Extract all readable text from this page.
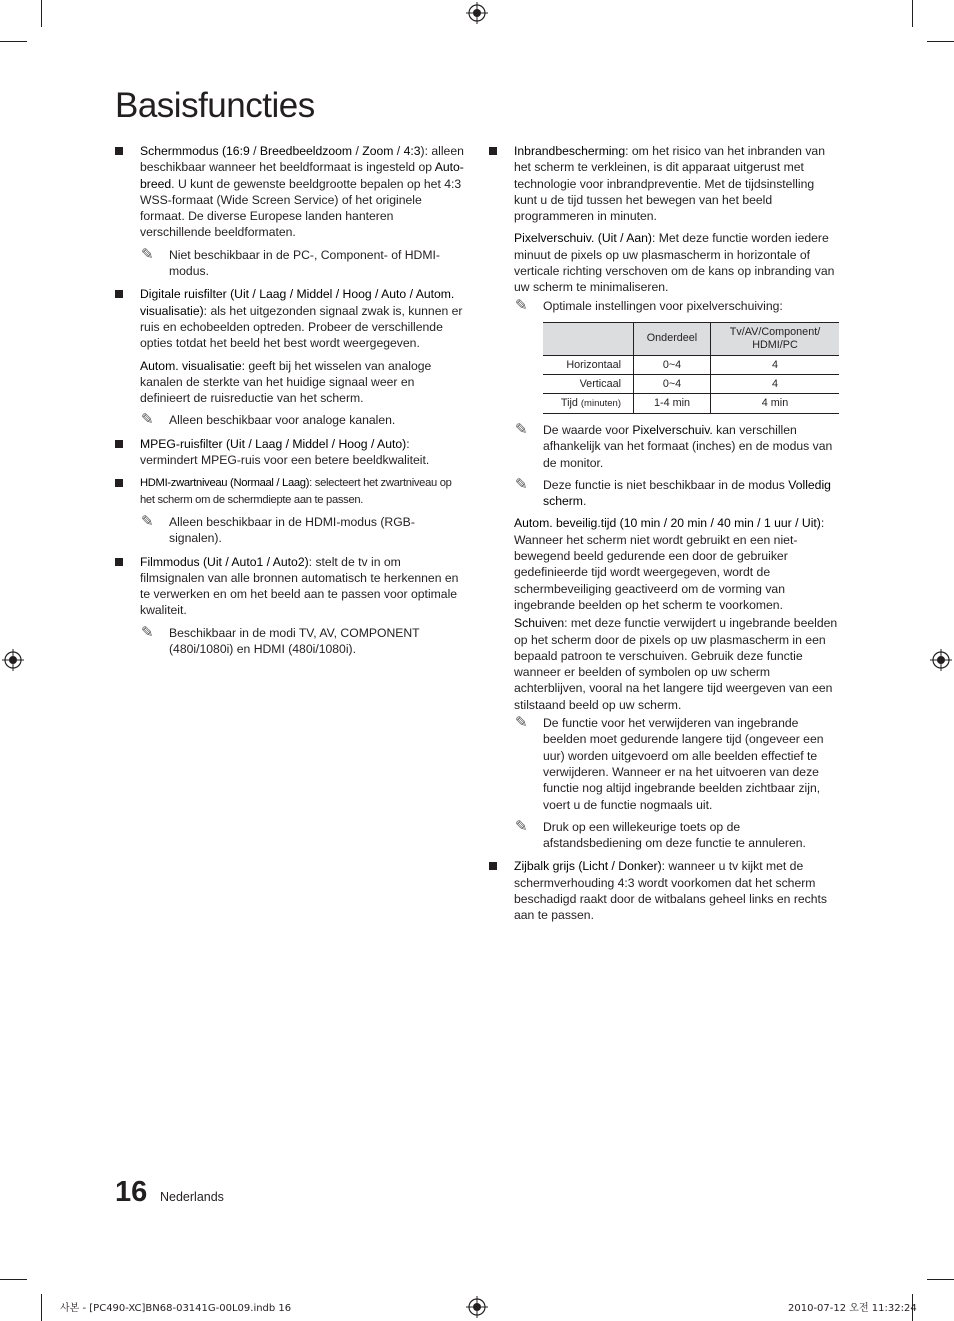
Basisfuncties

Schermmodus (16:9 / Breedbeeldzoom / Zoom / 4:3): alleen beschikbaar wanneer het beeldformaat is ingesteld op Auto-breed. U kunt de gewenste beeldgrootte bepalen op het 4:3 WSS-formaat (Wide Screen Service) of het originele formaat. De diverse Europese landen hanteren verschillende beeldformaten.

✎ Niet beschikbaar in de PC-, Component- of HDMI-modus.

Digitale ruisfilter (Uit / Laag / Middel / Hoog / Auto / Autom. visualisatie): als het uitgezonden signaal zwak is, kunnen er ruis en echobeelden optreden. Probeer de verschillende opties totdat het beeld het best wordt weergegeven.

Autom. visualisatie: geeft bij het wisselen van analoge kanalen de sterkte van het huidige signaal weer en definieert de ruisreductie van het scherm.

✎ Alleen beschikbaar voor analoge kanalen.

MPEG-ruisfilter (Uit / Laag / Middel / Hoog / Auto): vermindert MPEG-ruis voor een betere beeldkwaliteit.

HDMI-zwartniveau (Normaal / Laag): selecteert het zwartniveau op het scherm om de schermdiepte aan te passen.

✎ Alleen beschikbaar in de HDMI-modus (RGB-signalen).

Filmmodus (Uit / Auto1 / Auto2): stelt de tv in om filmsignalen van alle bronnen automatisch te herkennen en te verwerken en om het beeld aan te passen voor optimale kwaliteit.

✎ Beschikbaar in de modi TV, AV, COMPONENT (480i/1080i) en HDMI (480i/1080i).

Inbrandbescherming: om het risico van het inbranden van het scherm te verkleinen, is dit apparaat uitgerust met technologie voor inbrandpreventie. Met de tijdsinstelling kunt u de tijd tussen het bewegen van het beeld programmeren in minuten.

Pixelverschuiv. (Uit / Aan): Met deze functie worden iedere minuut de pixels op uw plasmascherm in horizontale of verticale richting verschoven om de kans op inbranding van uw scherm te minimaliseren.

✎ Optimale instellingen voor pixelverschuiving:
	Onderdeel	Tv/AV/Component/
HDMI/PC
Horizontaal	0~4	4
Verticaal	0~4	4
Tijd (minuten)	1-4 min	4 min
✎ De waarde voor Pixelverschuiv. kan verschillen afhankelijk van het formaat (inches) en de modus van de monitor.
✎ Deze functie is niet beschikbaar in de modus Volledig scherm.

Autom. beveilig.tijd (10 min / 20 min / 40 min / 1 uur / Uit): Wanneer het scherm niet wordt gebruikt en een niet-bewegend beeld gedurende een door de gebruiker gedefinieerde tijd wordt weergegeven, wordt de schermbeveiliging geactiveerd om de vorming van ingebrande beelden op het scherm te voorkomen.

Schuiven: met deze functie verwijdert u ingebrande beelden op het scherm door de pixels op uw plasmascherm in een bepaald patroon te verschuiven. Gebruik deze functie wanneer er beelden of symbolen op uw scherm achterblijven, vooral na het langere tijd weergeven van een stilstaand beeld op uw scherm.

✎ De functie voor het verwijderen van ingebrande beelden moet gedurende langere tijd (ongeveer een uur) worden uitgevoerd om alle beelden effectief te verwijderen. Wanneer er na het uitvoeren van deze functie nog altijd ingebrande beelden zichtbaar zijn, voert u de functie nogmaals uit.
✎ Druk op een willekeurige toets op de afstandsbediening om deze functie te annuleren.

Zijbalk grijs (Licht / Donker): wanneer u tv kijkt met de schermverhouding 4:3 wordt voorkomen dat het scherm beschadigd raakt door de witbalans geheel links en rechts aan te passen.

16 Nederlands
사본 - [PC490-XC]BN68-03141G-00L09.indb 16	2010-07-12 오전 11:32:24
